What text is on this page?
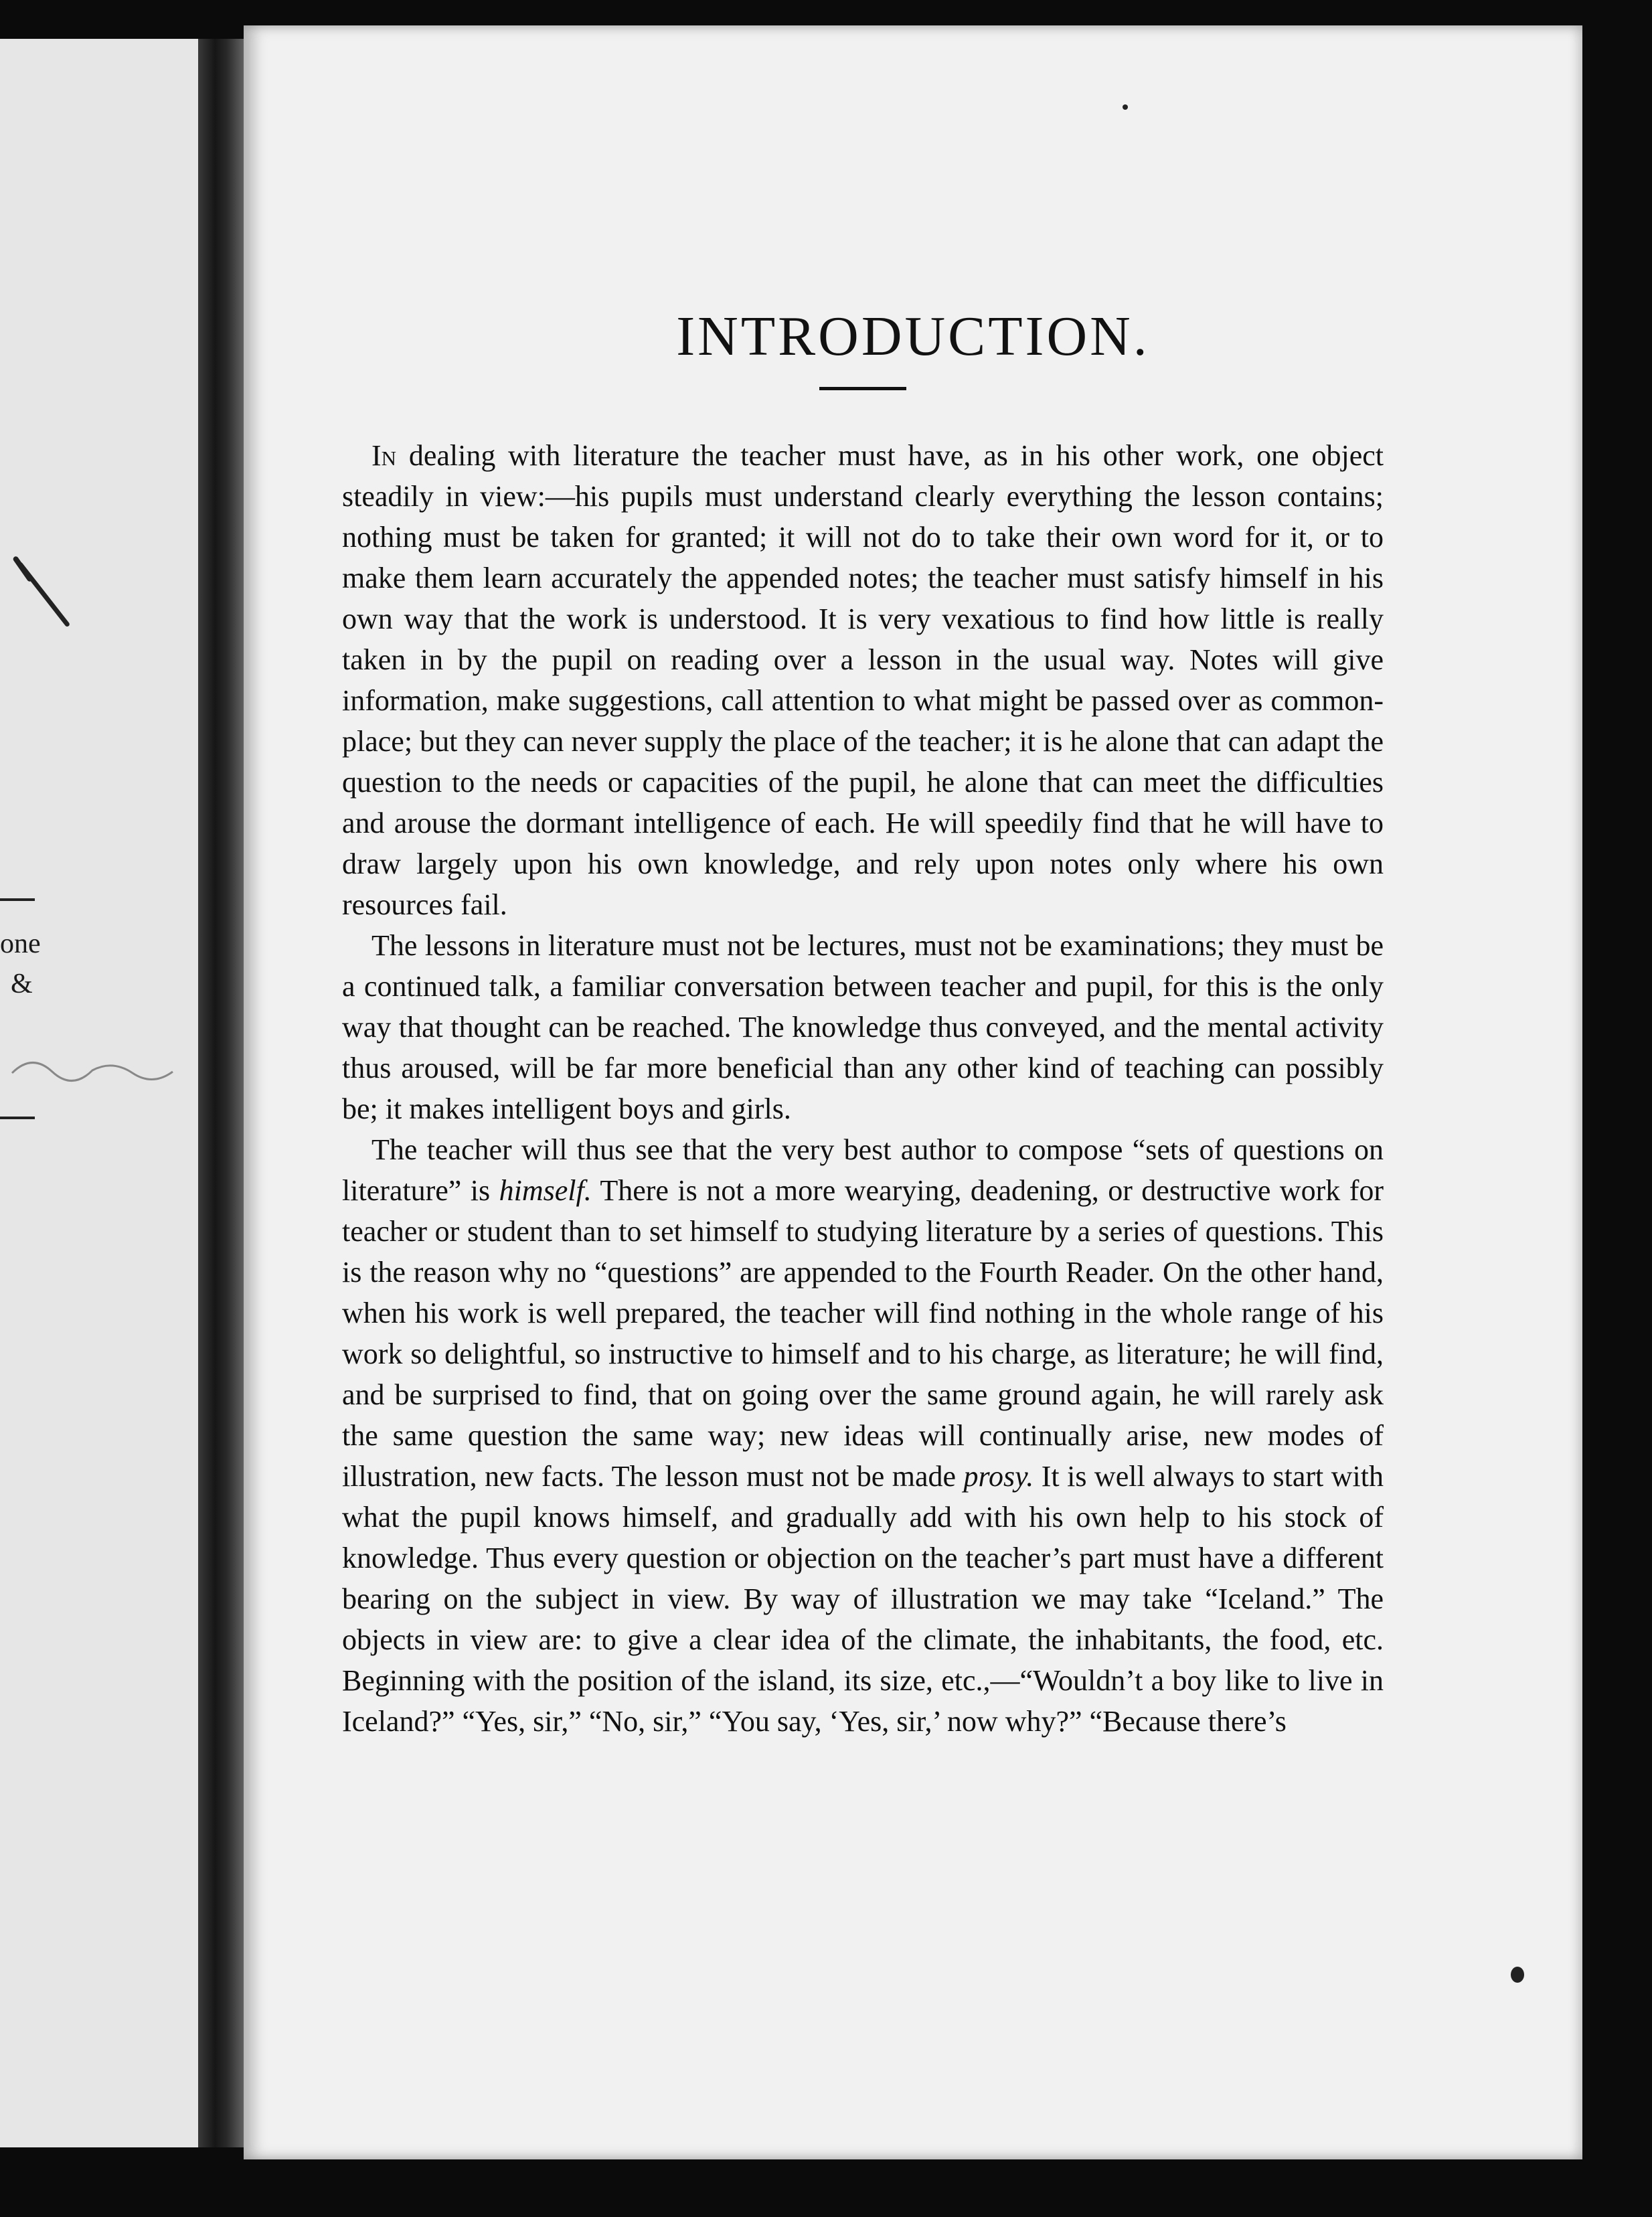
one
&
INTRODUCTION.

In dealing with literature the teacher must have, as in his other work, one object steadily in view:—his pupils must understand clearly everything the lesson contains; nothing must be taken for granted; it will not do to take their own word for it, or to make them learn accurately the appended notes; the teacher must satisfy himself in his own way that the work is understood. It is very vexatious to find how little is really taken in by the pupil on reading over a lesson in the usual way. Notes will give information, make suggestions, call attention to what might be passed over as common-place; but they can never supply the place of the teacher; it is he alone that can adapt the question to the needs or capacities of the pupil, he alone that can meet the difficulties and arouse the dormant intelligence of each. He will speedily find that he will have to draw largely upon his own knowledge, and rely upon notes only where his own resources fail.

The lessons in literature must not be lectures, must not be examinations; they must be a continued talk, a familiar conversation between teacher and pupil, for this is the only way that thought can be reached. The knowledge thus conveyed, and the mental activity thus aroused, will be far more beneficial than any other kind of teaching can possibly be; it makes intelligent boys and girls.

The teacher will thus see that the very best author to compose “sets of questions on literature” is himself. There is not a more wearying, deadening, or destructive work for teacher or student than to set himself to studying literature by a series of questions. This is the reason why no “questions” are appended to the Fourth Reader. On the other hand, when his work is well prepared, the teacher will find nothing in the whole range of his work so delightful, so instructive to himself and to his charge, as literature; he will find, and be surprised to find, that on going over the same ground again, he will rarely ask the same question the same way; new ideas will continually arise, new modes of illustration, new facts. The lesson must not be made prosy. It is well always to start with what the pupil knows himself, and gradually add with his own help to his stock of knowledge. Thus every question or objection on the teacher’s part must have a different bearing on the subject in view. By way of illustration we may take “Iceland.” The objects in view are: to give a clear idea of the climate, the inhabitants, the food, etc. Beginning with the position of the island, its size, etc.,—“Wouldn’t a boy like to live in Iceland?” “Yes, sir,” “No, sir,” “You say, ‘Yes, sir,’ now why?” “Because there’s
